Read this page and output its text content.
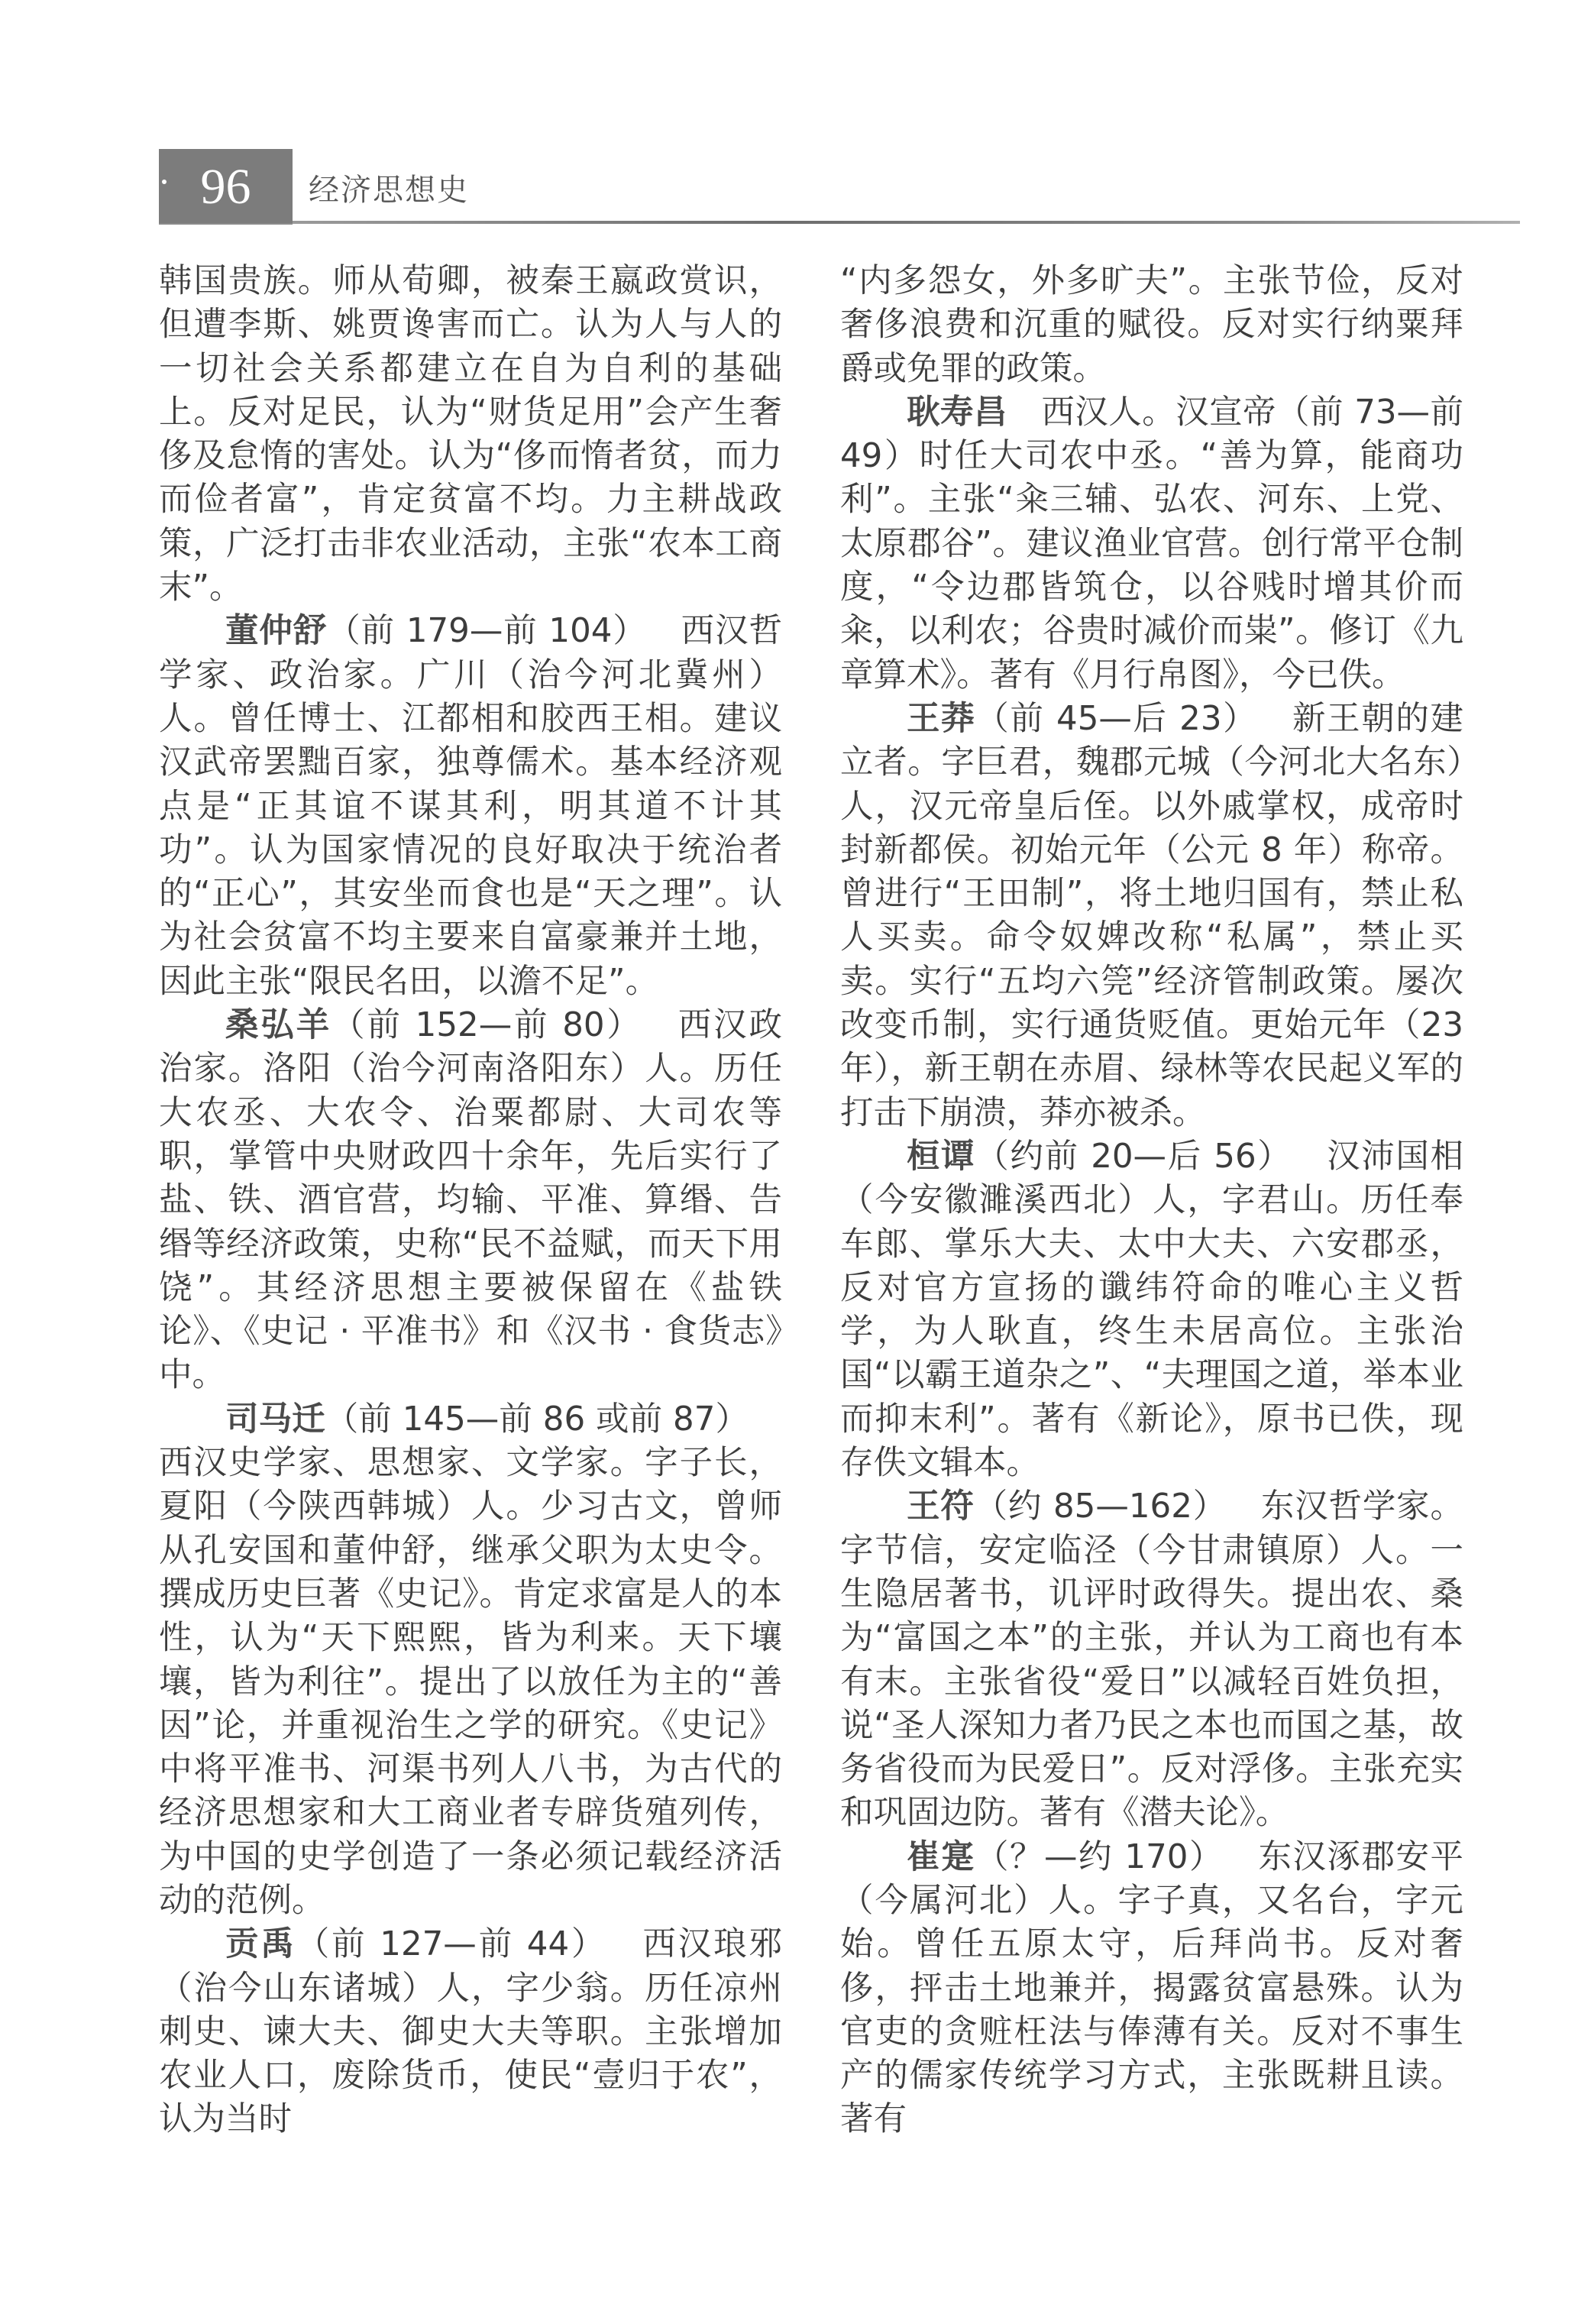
96	经济思想史

韩国贵族。师从荀卿，被秦王嬴政赏识，但遭李斯、姚贾谗害而亡。认为人与人的一切社会关系都建立在自为自利的基础上。反对足民，认为“财货足用”会产生奢侈及怠惰的害处。认为“侈而惰者贫，而力而俭者富”，肯定贫富不均。力主耕战政策，广泛打击非农业活动，主张“农本工商末”。

董仲舒（前 179—前 104） 西汉哲学家、政治家。广川（治今河北冀州）人。曾任博士、江都相和胶西王相。建议汉武帝罢黜百家，独尊儒术。基本经济观点是“正其谊不谋其利，明其道不计其功”。认为国家情况的良好取决于统治者的“正心”，其安坐而食也是“天之理”。认为社会贫富不均主要来自富豪兼并土地，因此主张“限民名田，以澹不足”。

桑弘羊（前 152—前 80） 西汉政治家。洛阳（治今河南洛阳东）人。历任大农丞、大农令、治粟都尉、大司农等职，掌管中央财政四十余年，先后实行了盐、铁、酒官营，均输、平准、算缗、告缗等经济政策，史称“民不益赋，而天下用饶”。其经济思想主要被保留在《盐铁论》、《史记 · 平准书》和《汉书 · 食货志》中。

司马迁（前 145—前 86 或前 87）西汉史学家、思想家、文学家。字子长，夏阳（今陕西韩城）人。少习古文，曾师从孔安国和董仲舒，继承父职为太史令。撰成历史巨著《史记》。肯定求富是人的本性，认为“天下熙熙，皆为利来。天下壤壤，皆为利往”。提出了以放任为主的“善因”论，并重视治生之学的研究。《史记》中将平准书、河渠书列人八书，为古代的经济思想家和大工商业者专辟货殖列传，为中国的史学创造了一条必须记载经济活动的范例。

贡禹（前 127—前 44） 西汉琅邪（治今山东诸城）人，字少翁。历任凉州刺史、谏大夫、御史大夫等职。主张增加农业人口，废除货币，使民“壹归于农”，认为当时

“内多怨女，外多旷夫”。主张节俭，反对奢侈浪费和沉重的赋役。反对实行纳粟拜爵或免罪的政策。

耿寿昌 西汉人。汉宣帝（前 73—前 49）时任大司农中丞。“善为算，能商功利”。主张“籴三辅、弘农、河东、上党、太原郡谷”。建议渔业官营。创行常平仓制度，“令边郡皆筑仓，以谷贱时增其价而籴，以利农；谷贵时减价而粜”。修订《九章算术》。著有《月行帛图》，今已佚。

王莽（前 45—后 23） 新王朝的建立者。字巨君，魏郡元城（今河北大名东）人，汉元帝皇后侄。以外戚掌权，成帝时封新都侯。初始元年（公元 8 年）称帝。曾进行“王田制”，将土地归国有，禁止私人买卖。命令奴婢改称“私属”，禁止买卖。实行“五均六筦”经济管制政策。屡次改变币制，实行通货贬值。更始元年（23 年），新王朝在赤眉、绿林等农民起义军的打击下崩溃，莽亦被杀。

桓谭（约前 20—后 56） 汉沛国相（今安徽濉溪西北）人，字君山。历任奉车郎、掌乐大夫、太中大夫、六安郡丞，反对官方宣扬的谶纬符命的唯心主义哲学，为人耿直，终生未居高位。主张治国“以霸王道杂之”、“夫理国之道，举本业而抑末利”。著有《新论》，原书已佚，现存佚文辑本。

王符（约 85—162） 东汉哲学家。字节信，安定临泾（今甘肃镇原）人。一生隐居著书，讥评时政得失。提出农、桑为“富国之本”的主张，并认为工商也有本有末。主张省役“爱日”以减轻百姓负担，说“圣人深知力者乃民之本也而国之基，故务省役而为民爱日”。反对浮侈。主张充实和巩固边防。著有《潜夫论》。

崔寔（？—约 170） 东汉涿郡安平（今属河北）人。字子真，又名台，字元始。曾任五原太守，后拜尚书。反对奢侈，抨击土地兼并，揭露贫富悬殊。认为官吏的贪赃枉法与俸薄有关。反对不事生产的儒家传统学习方式，主张既耕且读。著有
